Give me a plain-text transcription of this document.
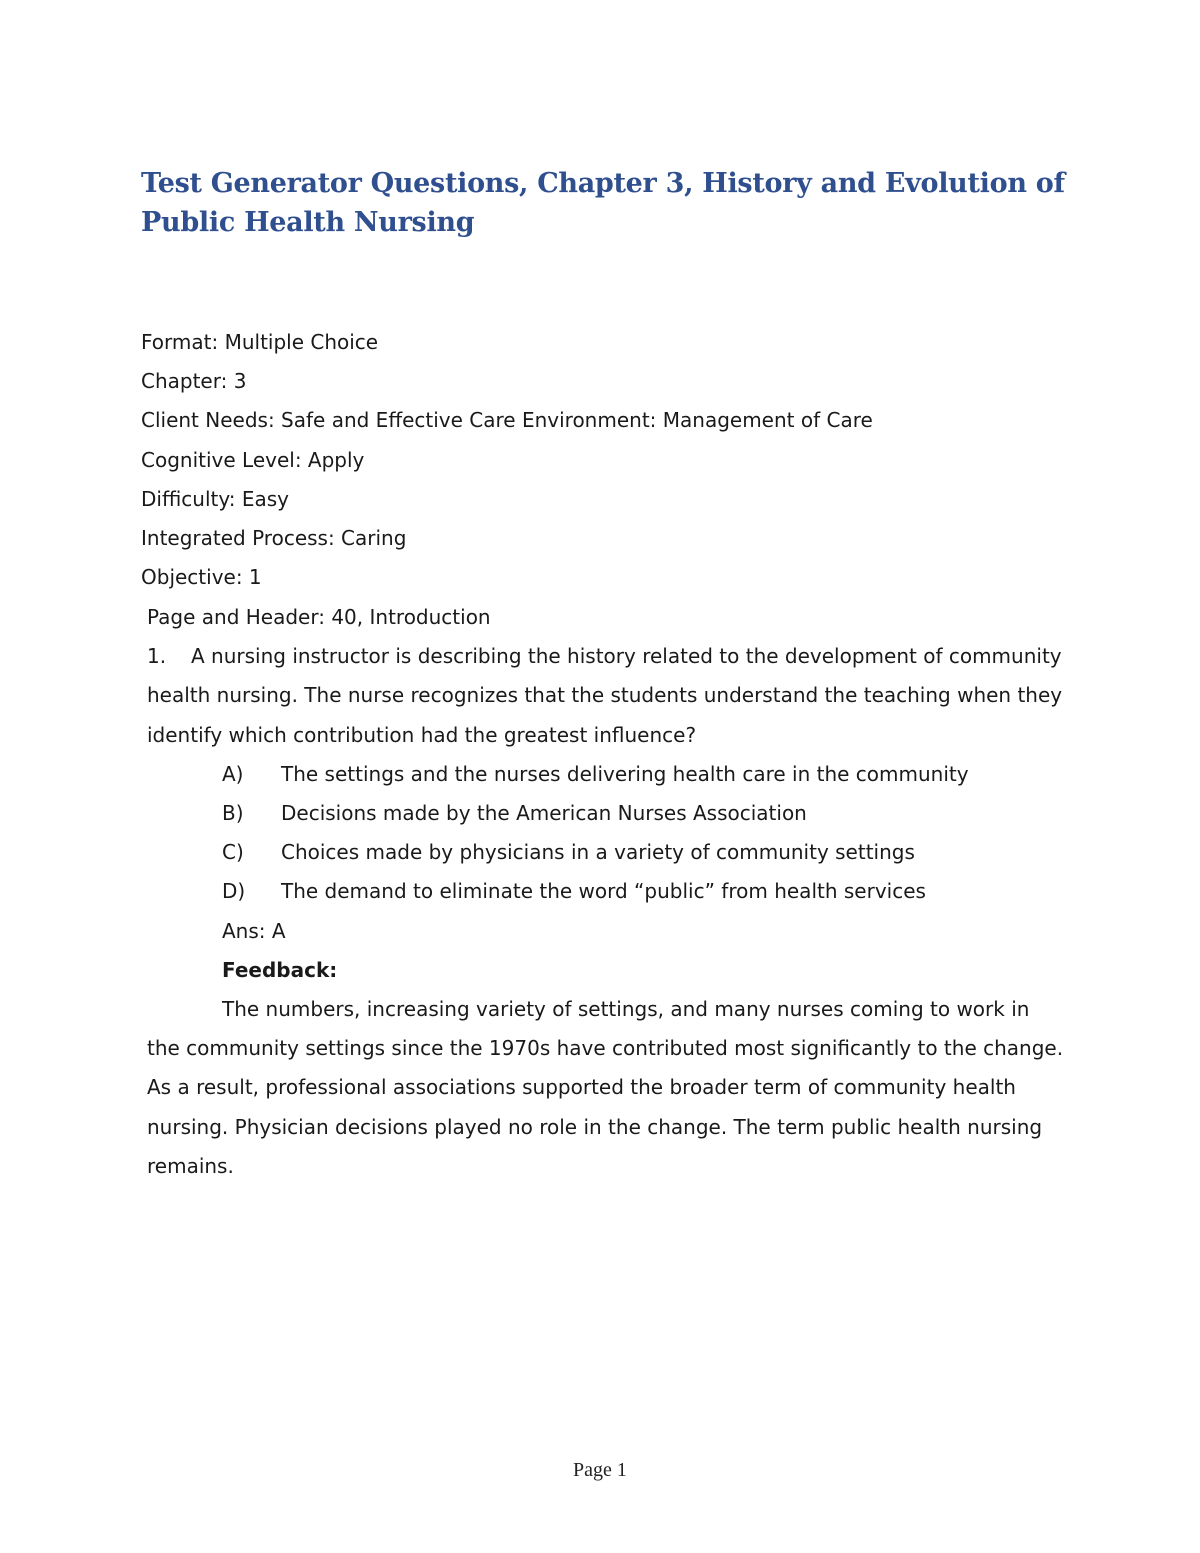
Test Generator Questions, Chapter 3, History and Evolution of Public Health Nursing
Format: Multiple Choice
Chapter: 3
Client Needs: Safe and Effective Care Environment: Management of Care
Cognitive Level: Apply
Difficulty: Easy
Integrated Process: Caring
Objective: 1
Page and Header: 40, Introduction
1. A nursing instructor is describing the history related to the development of community health nursing. The nurse recognizes that the students understand the teaching when they identify which contribution had the greatest influence?
A) The settings and the nurses delivering health care in the community
B) Decisions made by the American Nurses Association
C) Choices made by physicians in a variety of community settings
D) The demand to eliminate the word “public” from health services
Ans: A
Feedback:
The numbers, increasing variety of settings, and many nurses coming to work in the community settings since the 1970s have contributed most significantly to the change. As a result, professional associations supported the broader term of community health nursing. Physician decisions played no role in the change. The term public health nursing remains.
Page 1
